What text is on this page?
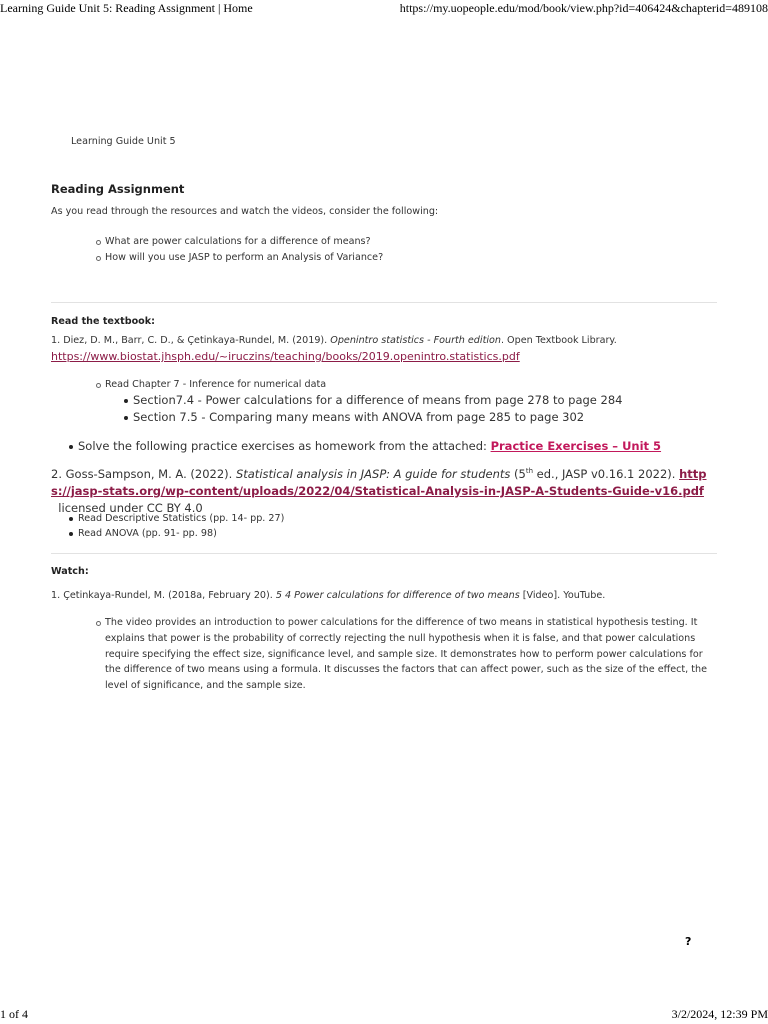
Learning Guide Unit 5: Reading Assignment | Home	https://my.uopeople.edu/mod/book/view.php?id=406424&chapterid=489108
Learning Guide Unit 5
Reading Assignment
As you read through the resources and watch the videos, consider the following:
What are power calculations for a difference of means?
How will you use JASP to perform an Analysis of Variance?
Read the textbook:
1. Diez, D. M., Barr, C. D., & Çetinkaya-Rundel, M. (2019). Openintro statistics - Fourth edition. Open Textbook Library. https://www.biostat.jhsph.edu/~iruczins/teaching/books/2019.openintro.statistics.pdf
Read Chapter 7 - Inference for numerical data
Section7.4 - Power calculations for a difference of means from page 278 to page 284
Section 7.5 - Comparing many means with ANOVA from page 285 to page 302
Solve the following practice exercises as homework from the attached: Practice Exercises – Unit 5
2. Goss-Sampson, M. A. (2022). Statistical analysis in JASP: A guide for students (5th ed., JASP v0.16.1 2022). https://jasp-stats.org/wp-content/uploads/2022/04/Statistical-Analysis-in-JASP-A-Students-Guide-v16.pdf  licensed under CC BY 4.0
Read Descriptive Statistics (pp. 14- pp. 27)
Read ANOVA (pp. 91- pp. 98)
Watch:
1. Çetinkaya-Rundel, M. (2018a, February 20). 5 4 Power calculations for difference of two means [Video]. YouTube.
The video provides an introduction to power calculations for the difference of two means in statistical hypothesis testing. It explains that power is the probability of correctly rejecting the null hypothesis when it is false, and that power calculations require specifying the effect size, significance level, and sample size. It demonstrates how to perform power calculations for the difference of two means using a formula. It discusses the factors that can affect power, such as the size of the effect, the level of significance, and the sample size.
?
1 of 4	3/2/2024, 12:39 PM
